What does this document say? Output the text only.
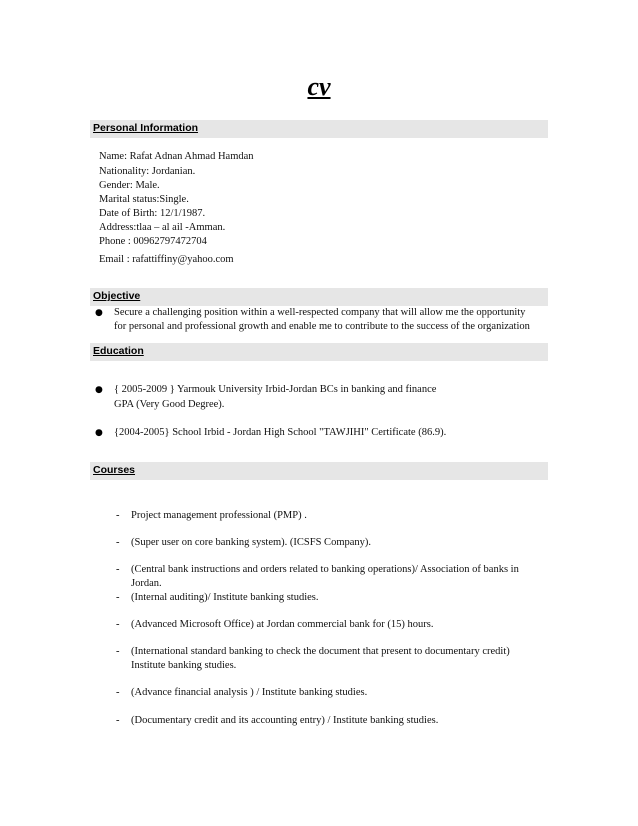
cv
Personal Information
Name: Rafat Adnan Ahmad Hamdan
Nationality: Jordanian.
Gender: Male.
Marital status:Single.
Date of Birth: 12/1/1987.
Address:tlaa – al ail -Amman.
Phone : 00962797472704
Email : rafattiffiny@yahoo.com
Objective
● Secure a challenging position within a well-respected company that will allow me the opportunity
for personal and professional growth and enable me to contribute to the success of the organization
Education
● { 2005-2009 } Yarmouk University Irbid-Jordan BCs in banking and finance
GPA (Very Good Degree).
● {2004-2005} School Irbid - Jordan High School "TAWJIHI" Certificate (86.9).
Courses
- Project management professional (PMP) .
- (Super user on core banking system). (ICSFS Company).
- (Central bank instructions and orders related to banking operations)/ Association of banks in
Jordan.
- (Internal auditing)/ Institute banking studies.
- (Advanced Microsoft Office) at Jordan commercial bank for (15) hours.
- (International standard banking to check the document that present to documentary credit)
Institute banking studies.
- (Advance financial analysis ) / Institute banking studies.
- (Documentary credit and its accounting entry) / Institute banking studies.
